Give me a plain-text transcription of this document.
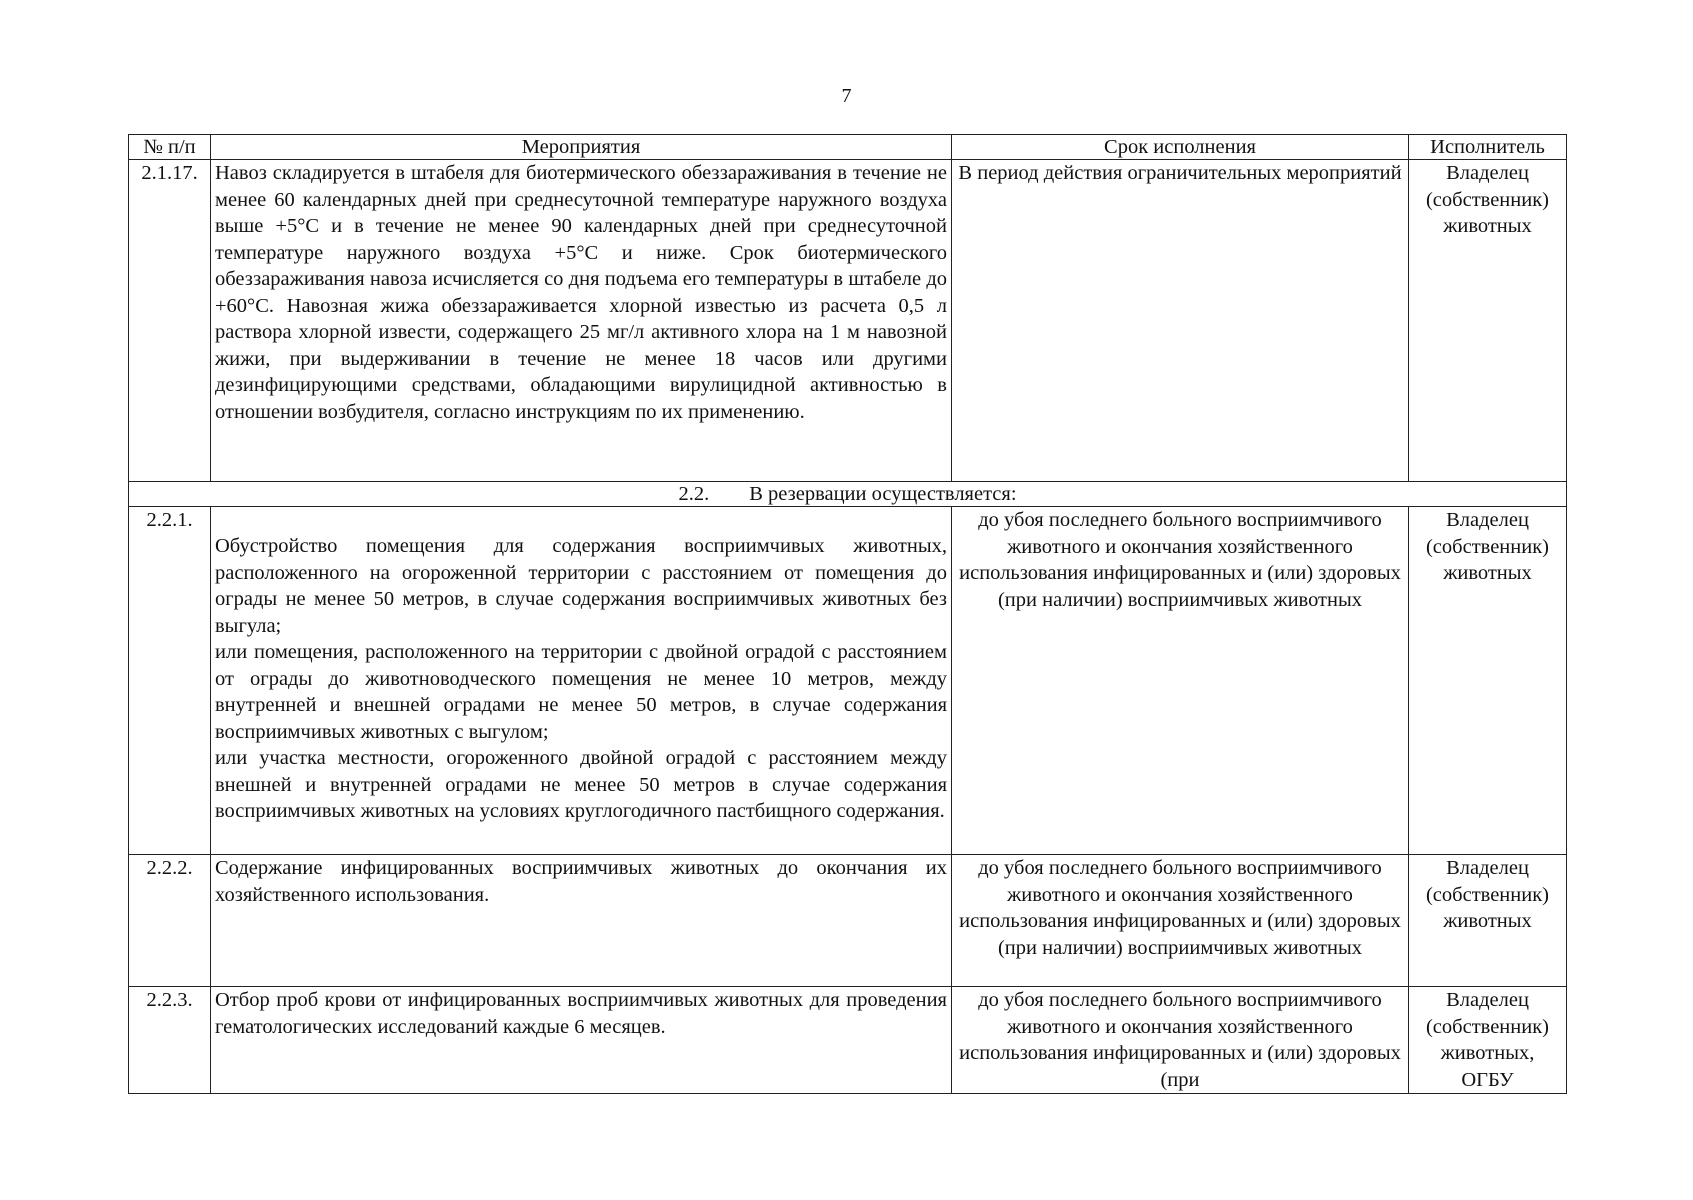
7
№ п/п	Мероприятия	Срок исполнения	Исполнитель
2.1.17.	Навоз складируется в штабеля для биотермического обеззараживания в течение не менее 60 календарных дней при среднесуточной температуре наружного воздуха выше +5°С и в течение не менее 90 календарных дней при среднесуточной температуре наружного воздуха +5°С и ниже. Срок биотермического обеззараживания навоза исчисляется со дня подъема его температуры в штабеле до +60°С. Навозная жижа обеззараживается хлорной известью из расчета 0,5 л раствора хлорной извести, содержащего 25 мг/л активного хлора на 1 м навозной жижи, при выдерживании в течение не менее 18 часов или другими дезинфицирующими средствами, обладающими вирулицидной активностью в отношении возбудителя, согласно инструкциям по их применению.	В период действия ограничительных мероприятий	Владелец (собственник) животных
2.2. В резервации осуществляется:			
2.2.1.	Обустройство помещения для содержания восприимчивых животных, расположенного на огороженной территории с расстоянием от помещения до ограды не менее 50 метров, в случае содержания восприимчивых животных без выгула;
или помещения, расположенного на территории с двойной оградой с расстоянием от ограды до животноводческого помещения не менее 10 метров, между внутренней и внешней оградами не менее 50 метров, в случае содержания восприимчивых животных с выгулом;
или участка местности, огороженного двойной оградой с расстоянием между внешней и внутренней оградами не менее 50 метров в случае содержания восприимчивых животных на условиях круглогодичного пастбищного содержания.	до убоя последнего больного восприимчивого животного и окончания хозяйственного использования инфицированных и (или) здоровых (при наличии) восприимчивых животных	Владелец (собственник) животных
2.2.2.	Содержание инфицированных восприимчивых животных до окончания их хозяйственного использования.	до убоя последнего больного восприимчивого животного и окончания хозяйственного использования инфицированных и (или) здоровых (при наличии) восприимчивых животных	Владелец (собственник) животных
2.2.3.	Отбор проб крови от инфицированных восприимчивых животных для проведения гематологических исследований каждые 6 месяцев.	до убоя последнего больного восприимчивого животного и окончания хозяйственного использования инфицированных и (или) здоровых (при	Владелец (собственник) животных, ОГБУ
